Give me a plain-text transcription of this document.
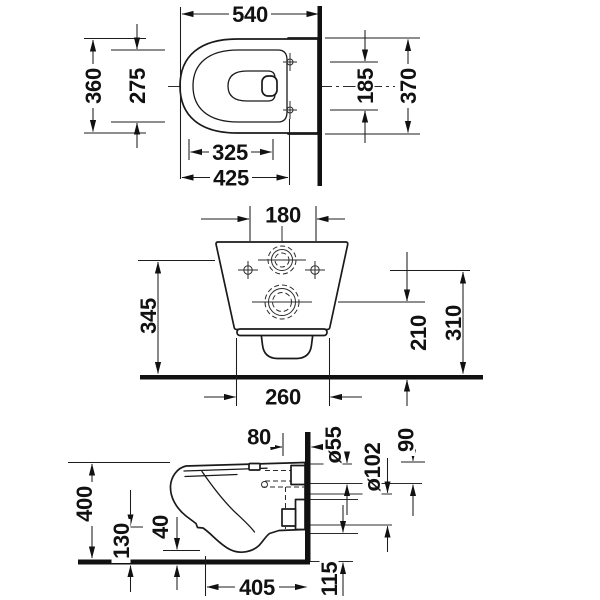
540
360 275	185 370
325
425
180
345	210 310
260
80 ø55 ø102
90
400
130 40
405 115
